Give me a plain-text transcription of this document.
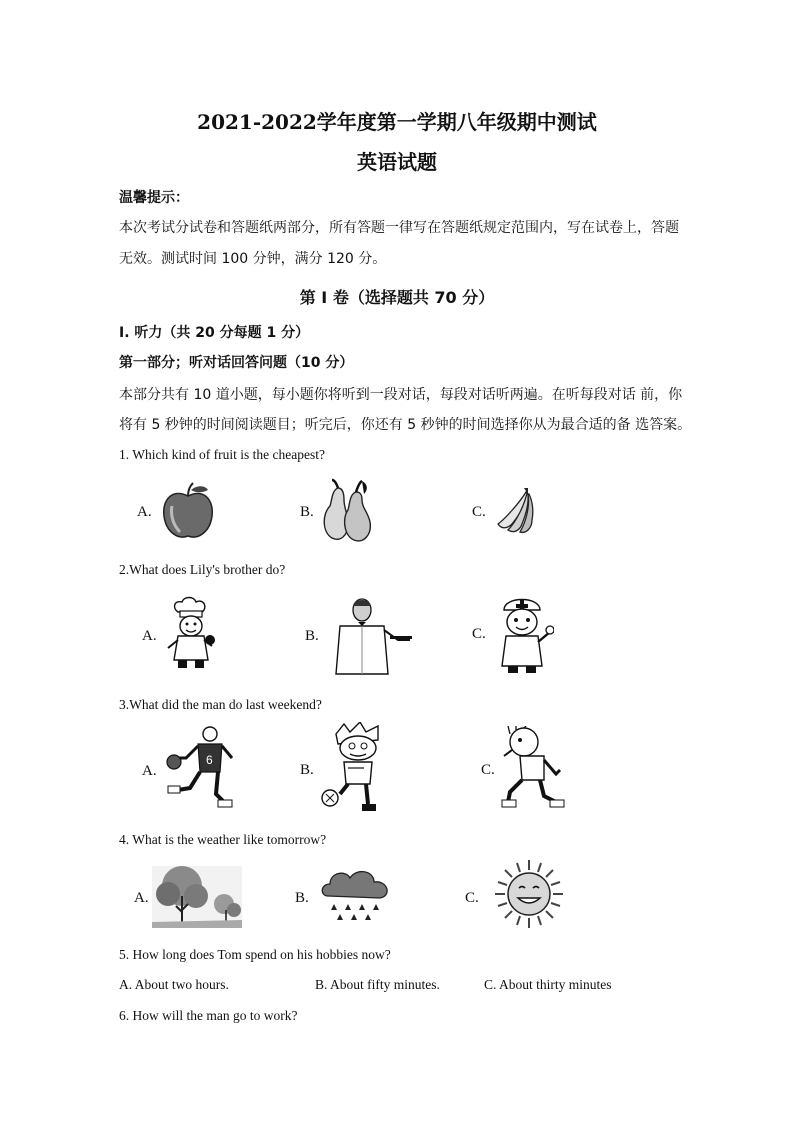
2021-2022学年度第一学期八年级期中测试
英语试题
温馨提示：
本次考试分试卷和答题纸两部分，所有答题一律写在答题纸规定范围内，写在试卷上，答题
无效。测试时间 100 分钟，满分 120 分。
第 I 卷（选择题共 70 分）
I. 听力（共 20 分每题 1 分）
第一部分；听对话回答问题（10 分）
本部分共有 10 道小题，每小题你将听到一段对话，每段对话听两遍。在听每段对话 前，你
将有 5 秒钟的时间阅读题目；听完后，你还有 5 秒钟的时间选择你从为最合适的备 选答案。
1. Which kind of fruit is the cheapest?
A.	B.	C.
2.What does Lily's brother do?
A.	B.	C.
3.What did the man do last weekend?
A.
6
B.	C.
4. What is the weather like tomorrow?
A.	B.	C.
5. How long does Tom spend on his hobbies now?
A. About two hours.	B. About fifty minutes.	C. About thirty minutes
6. How will the man go to work?
